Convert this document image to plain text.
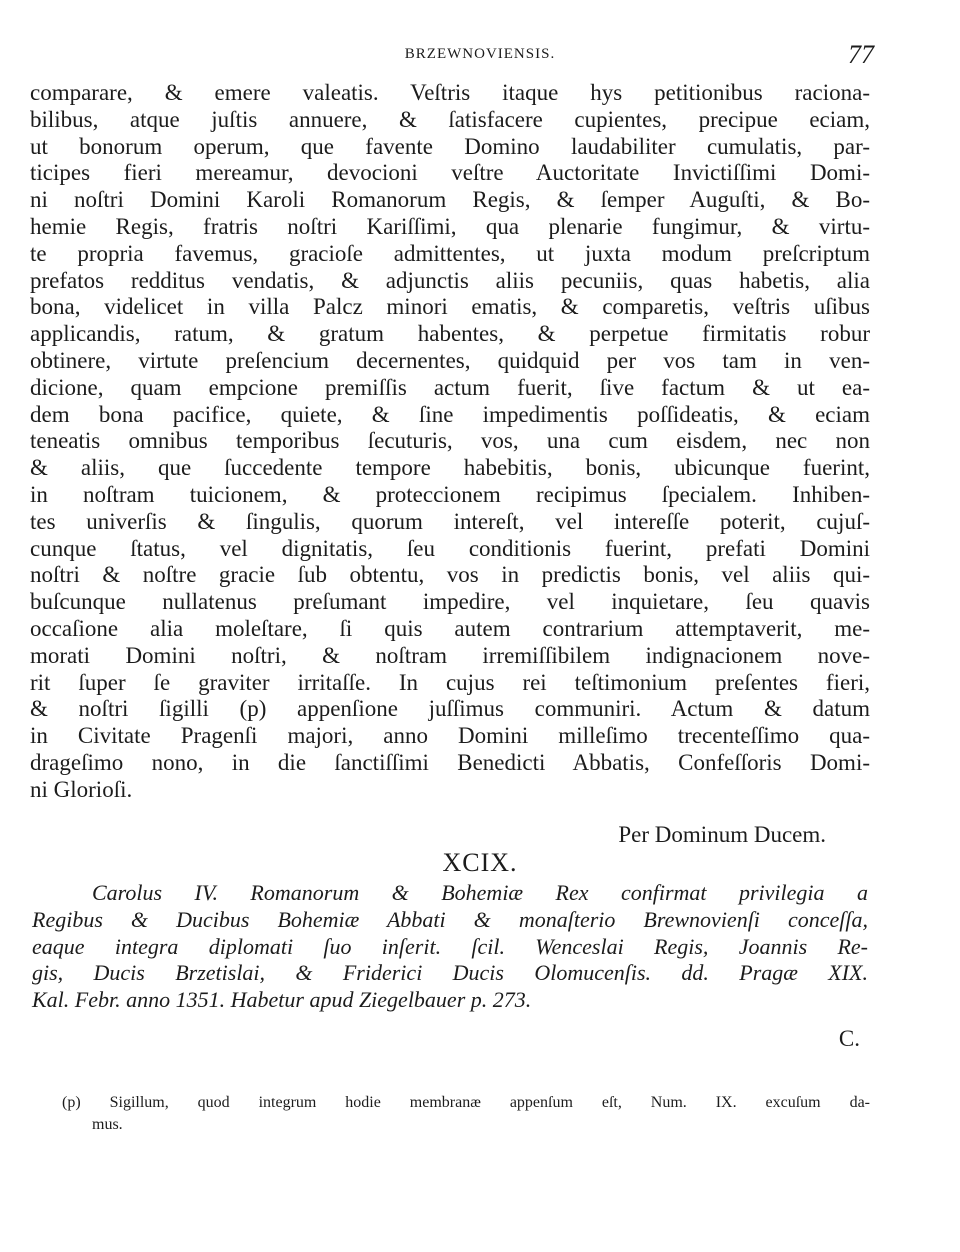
BRZEWNOVIENSIS.	77
comparare, & emere valeatis. Veſtris itaque hys petitionibus racionа-
bilibus, atque juſtis annuere, & ſatisfacere cupientes, precipue eciam,
ut bonorum operum, que favente Domino laudabiliter cumulatis, par-
ticipes fieri mereamur, devocioni veſtre Auctoritate Invictiſſimi Domi-
ni noſtri Domini Karoli Romanorum Regis, & ſemper Auguſti, & Bo-
hemie Regis, fratris noſtri Kariſſimi, qua plenarie fungimur, & virtu-
te propria favemus, gracioſe admittentes, ut juxta modum preſcriptum
prefatos redditus vendatis, & adjunctis aliis pecuniis, quas habetis, alia
bona, videlicet in villa Palcz minori ematis, & comparetis, veſtris uſibus
applicandis, ratum, & gratum habentes, & perpetue firmitatis robur
obtinere, virtute preſencium decernentes, quidquid per vos tam in ven-
dicione, quam empcione premiſſis actum fuerit, ſive factum & ut ea-
dem bona pacifice, quiete, & ſine impedimentis poſſideatis, & eciam
teneatis omnibus temporibus ſecuturis, vos, una cum eisdem, nec non
& aliis, que ſuccedente tempore habebitis, bonis, ubicunque fuerint,
in noſtram tuicionem, & proteccionem recipimus ſpecialem. Inhiben-
tes univerſis & ſingulis, quorum intereſt, vel intereſſe poterit, cujuſ-
cunque ſtatus, vel dignitatis, ſeu conditionis fuerint, prefati Domini
noſtri & noſtre gracie ſub obtentu, vos in predictis bonis, vel aliis qui-
buſcunque nullatenus preſumant impedire, vel inquietare, ſeu quavis
occaſione alia moleſtare, ſi quis autem contrarium attemptaverit, me-
morati Domini noſtri, & noſtram irremiſſibilem indignacionem nove-
rit ſuper ſe graviter irritaſſe. In cujus rei teſtimonium preſentes fieri,
& noſtri ſigilli (p) appenſione juſſimus communiri. Actum & datum
in Civitate Pragenſi majori, anno Domini milleſimo trecenteſſimo qua-
drageſimo nono, in die ſanctiſſimi Benedicti Abbatis, Confeſſoris Domi-
ni Glorioſi.
Per Dominum Ducem.
XCIX.
Carolus IV. Romanorum & Bohemiæ Rex confirmat privilegia a
Regibus & Ducibus Bohemiæ Abbati & monaſterio Brewnovienſi conceſſa,
eaque integra diplomati ſuo inſerit. ſcil. Wenceslai Regis, Joannis Re-
gis, Ducis Brzetislai, & Friderici Ducis Olomucenſis. dd. Pragæ XIX.
Kal. Febr. anno 1351. Habetur apud Ziegelbauer p. 273.
C.
(p) Sigillum, quod integrum hodie membranæ appenſum eſt, Num. IX. excuſum da-
mus.
